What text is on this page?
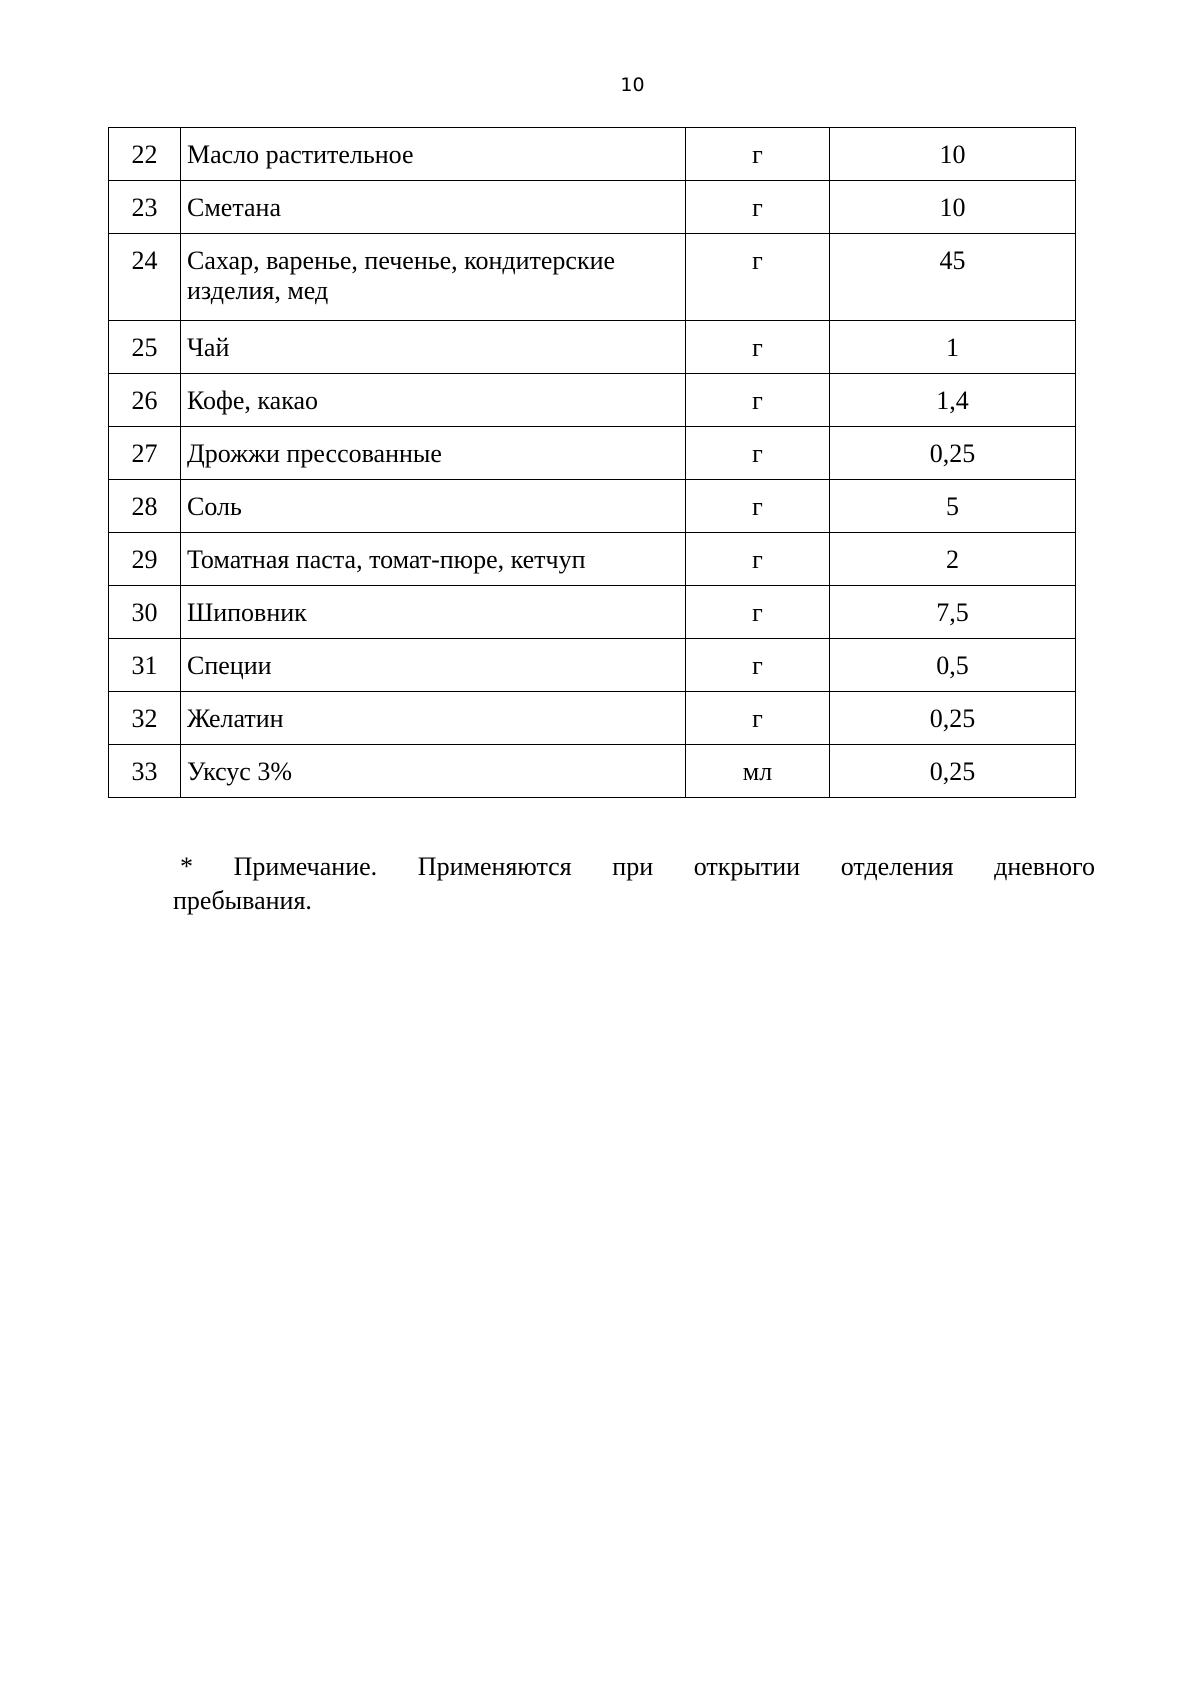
10
22	Масло растительное	г	10
23	Сметана	г	10
24	Сахар, варенье, печенье, кондитерские изделия, мед	г	45
25	Чай	г	1
26	Кофе, какао	г	1,4
27	Дрожжи прессованные	г	0,25
28	Соль	г	5
29	Томатная паста, томат-пюре, кетчуп	г	2
30	Шиповник	г	7,5
31	Специи	г	0,5
32	Желатин	г	0,25
33	Уксус 3%	мл	0,25
* Примечание. Применяются при открытии отделения дневного
пребывания.
